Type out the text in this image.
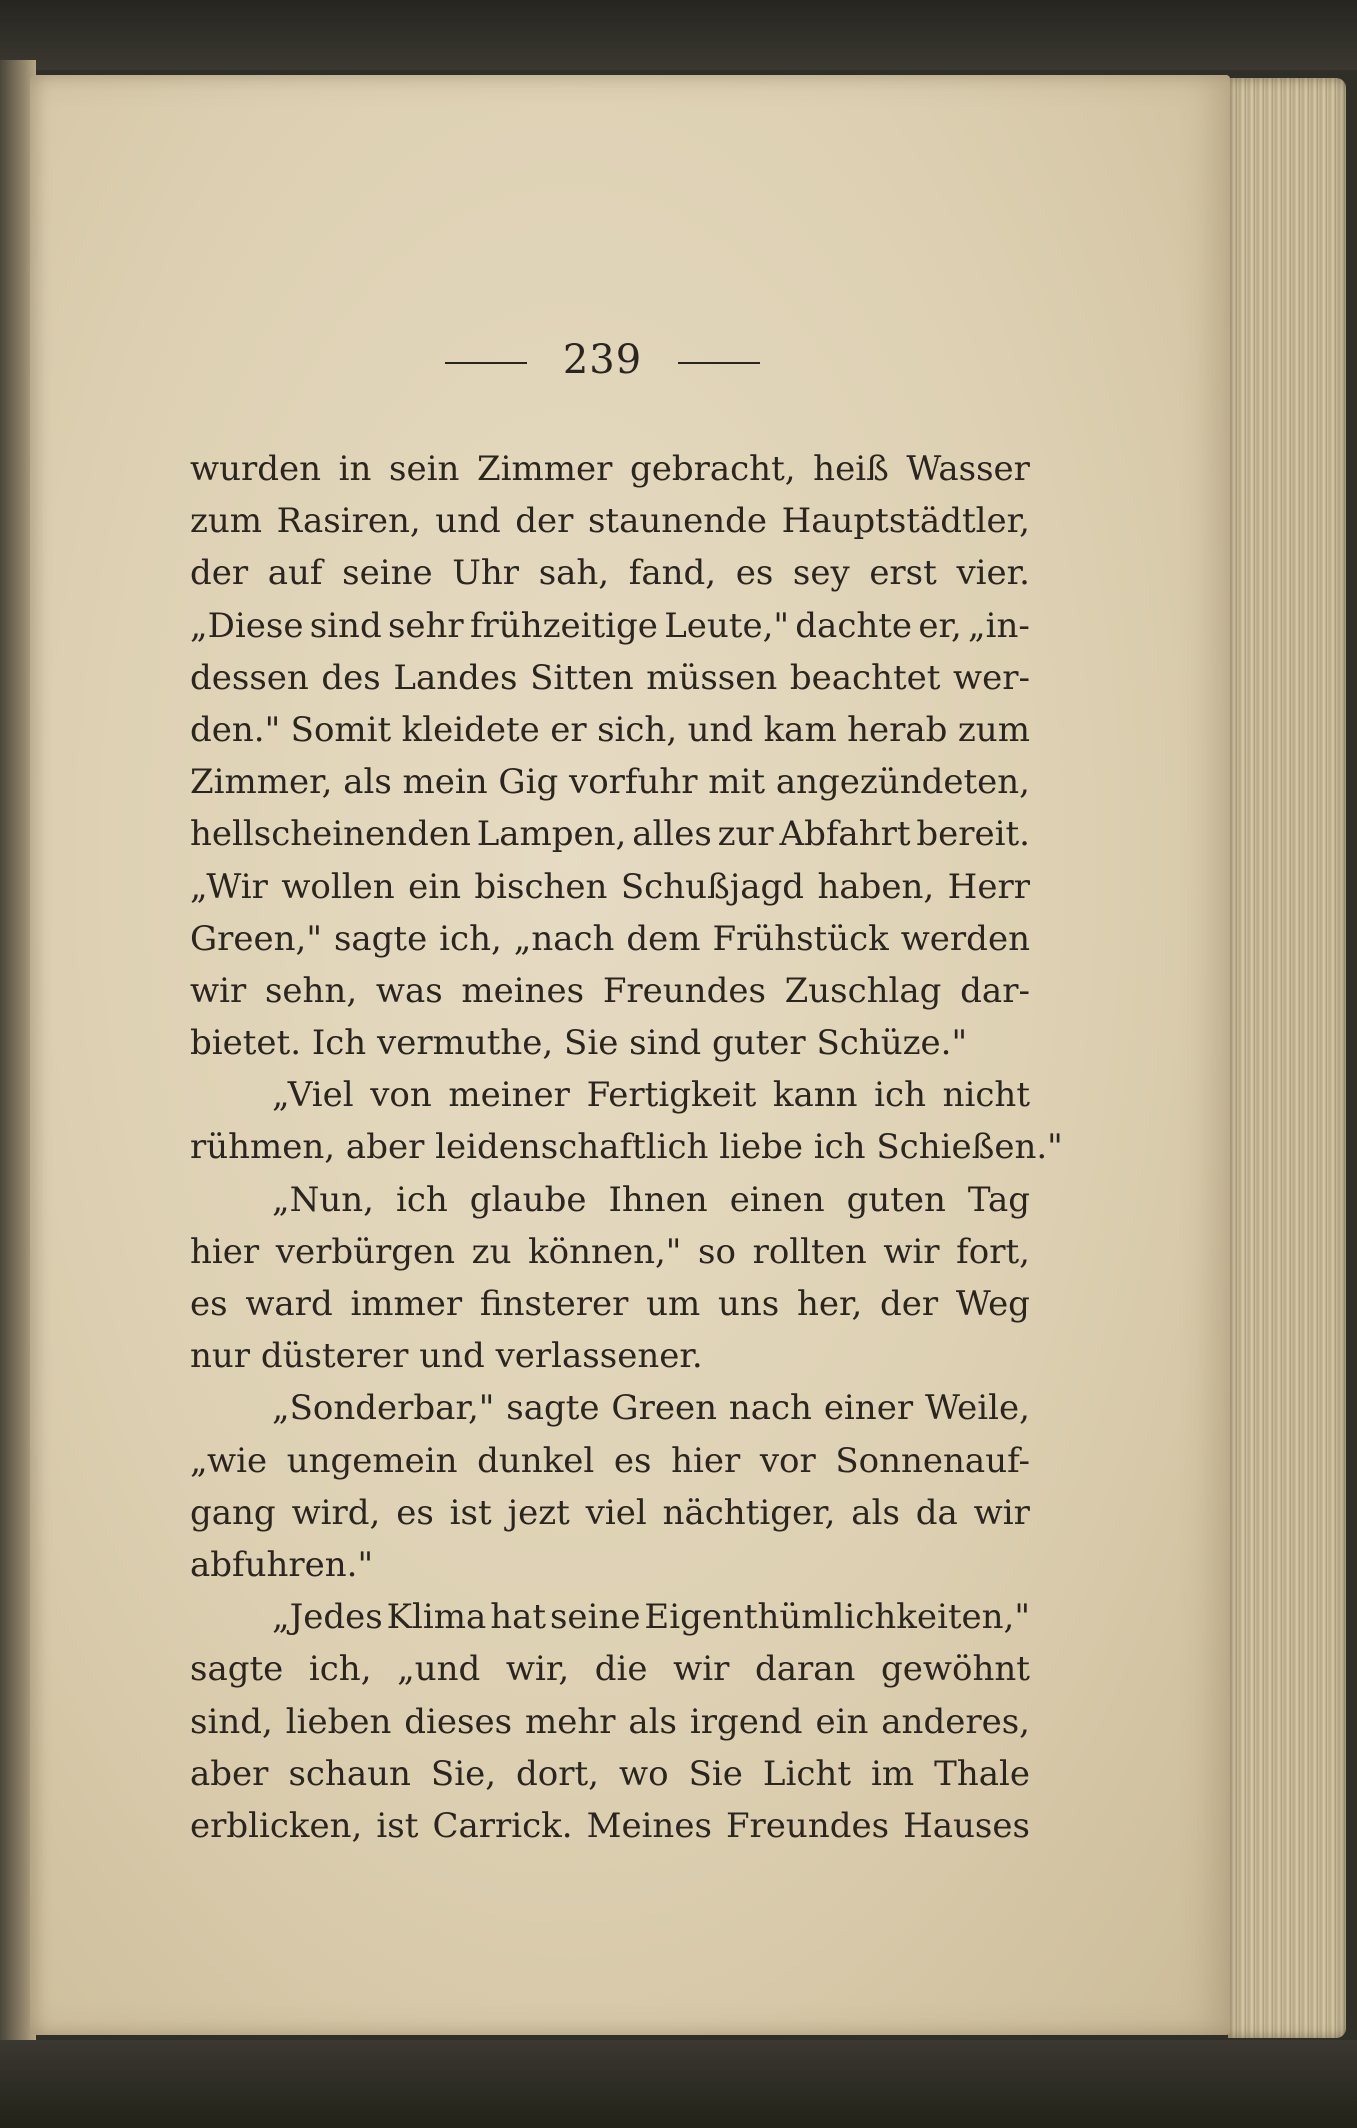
239
wurden in sein Zimmer gebracht, heiß Wasser
zum Rasiren, und der staunende Hauptstädtler,
der auf seine Uhr sah, fand, es sey erst vier.
„Diese sind sehr frühzeitige Leute," dachte er, „in-
dessen des Landes Sitten müssen beachtet wer-
den." Somit kleidete er sich, und kam herab zum
Zimmer, als mein Gig vorfuhr mit angezündeten,
hellscheinenden Lampen, alles zur Abfahrt bereit.
„Wir wollen ein bischen Schußjagd haben, Herr
Green," sagte ich, „nach dem Frühstück werden
wir sehn, was meines Freundes Zuschlag dar-
bietet. Ich vermuthe, Sie sind guter Schüze."
„Viel von meiner Fertigkeit kann ich nicht
rühmen, aber leidenschaftlich liebe ich Schießen."
„Nun, ich glaube Ihnen einen guten Tag
hier verbürgen zu können," so rollten wir fort,
es ward immer finsterer um uns her, der Weg
nur düsterer und verlassener.
„Sonderbar," sagte Green nach einer Weile,
„wie ungemein dunkel es hier vor Sonnenauf-
gang wird, es ist jezt viel nächtiger, als da wir
abfuhren."
„Jedes Klima hat seine Eigenthümlichkeiten,"
sagte ich, „und wir, die wir daran gewöhnt
sind, lieben dieses mehr als irgend ein anderes,
aber schaun Sie, dort, wo Sie Licht im Thale
erblicken, ist Carrick. Meines Freundes Hauses
